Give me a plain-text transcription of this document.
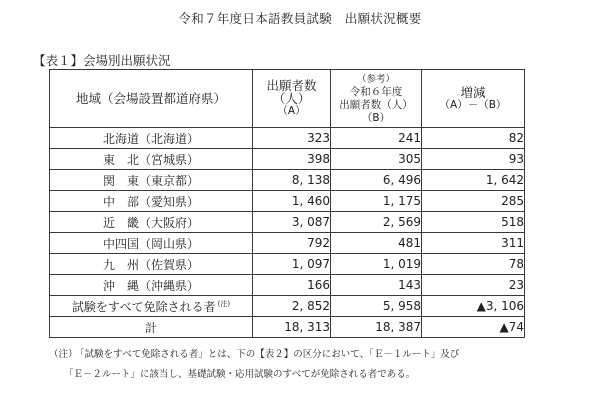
令和７年度日本語教員試験　出願状況概要
【表１】会場別出願状況
地域（会場設置都道府県）	出願者数
（人）
（A）	（参考）
令和６年度
出願者数（人）
（B）	増減
（A）－（B）

北海道（北海道）	323	241	82
東　北（宮城県）	398	305	93
関　東（東京都）	8, 138	6, 496	1, 642
中　部（愛知県）	1, 460	1, 175	285
近　畿（大阪府）	3, 087	2, 569	518
中四国（岡山県）	792	481	311
九　州（佐賀県）	1, 097	1, 019	78
沖　縄（沖縄県）	166	143	23
試験をすべて免除される者 $^{(注)}$	2, 852	5, 958	▲3, 106
計	18, 313	18, 387	▲74
（注）「試験をすべて免除される者」とは、下の【表２】の区分において、「Ｅ－１ルート」及び
「Ｅ－２ルート」に該当し、基礎試験・応用試験のすべてが免除される者である。
